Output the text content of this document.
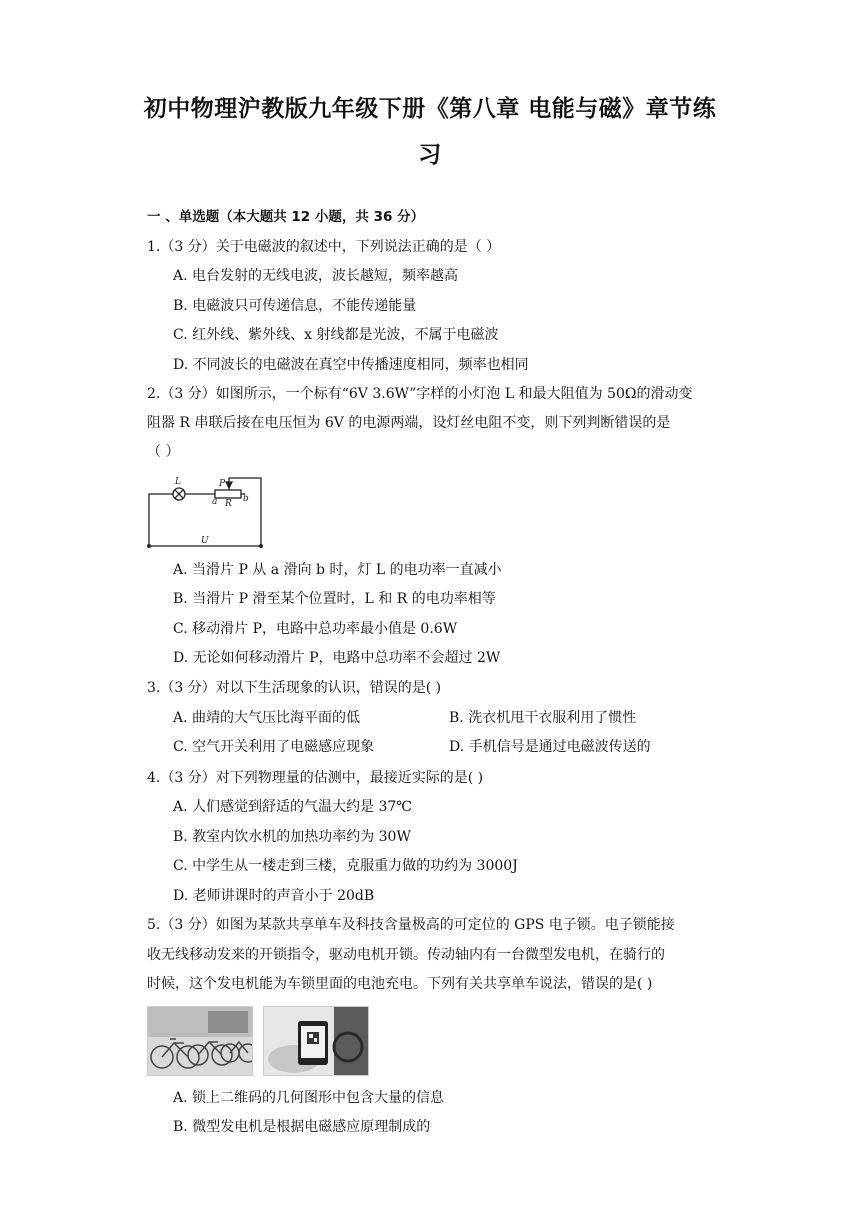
初中物理沪教版九年级下册《第八章 电能与磁》章节练
习
一 、单选题（本大题共 12 小题，共 36 分）
1.（3 分）关于电磁波的叙述中，下列说法正确的是（ ）
A. 电台发射的无线电波，波长越短，频率越高
B. 电磁波只可传递信息，不能传递能量
C. 红外线、紫外线、x 射线都是光波，不属于电磁波
D. 不同波长的电磁波在真空中传播速度相同，频率也相同
2.（3 分）如图所示，一个标有“6V 3.6W”字样的小灯泡 L 和最大阻值为 50Ω的滑动变
阻器 R 串联后接在电压恒为 6V 的电源两端，设灯丝电阻不变，则下列判断错误的是
（ ）
L	P
a R b
U
A. 当滑片 P 从 a 滑向 b 时，灯 L 的电功率一直减小
B. 当滑片 P 滑至某个位置时，L 和 R 的电功率相等
C. 移动滑片 P，电路中总功率最小值是 0.6W
D. 无论如何移动滑片 P，电路中总功率不会超过 2W
3.（3 分）对以下生活现象的认识，错误的是( )
A. 曲靖的大气压比海平面的低	B. 洗衣机甩干衣服利用了惯性
C. 空气开关利用了电磁感应现象	D. 手机信号是通过电磁波传送的
4.（3 分）对下列物理量的估测中，最接近实际的是( )
A. 人们感觉到舒适的气温大约是 37℃
B. 教室内饮水机的加热功率约为 30W
C. 中学生从一楼走到三楼，克服重力做的功约为 3000J
D. 老师讲课时的声音小于 20dB
5.（3 分）如图为某款共享单车及科技含量极高的可定位的 GPS 电子锁。电子锁能接
收无线移动发来的开锁指令，驱动电机开锁。传动轴内有一台微型发电机，在骑行的
时候，这个发电机能为车锁里面的电池充电。下列有关共享单车说法，错误的是( )
A. 锁上二维码的几何图形中包含大量的信息
B. 微型发电机是根据电磁感应原理制成的
